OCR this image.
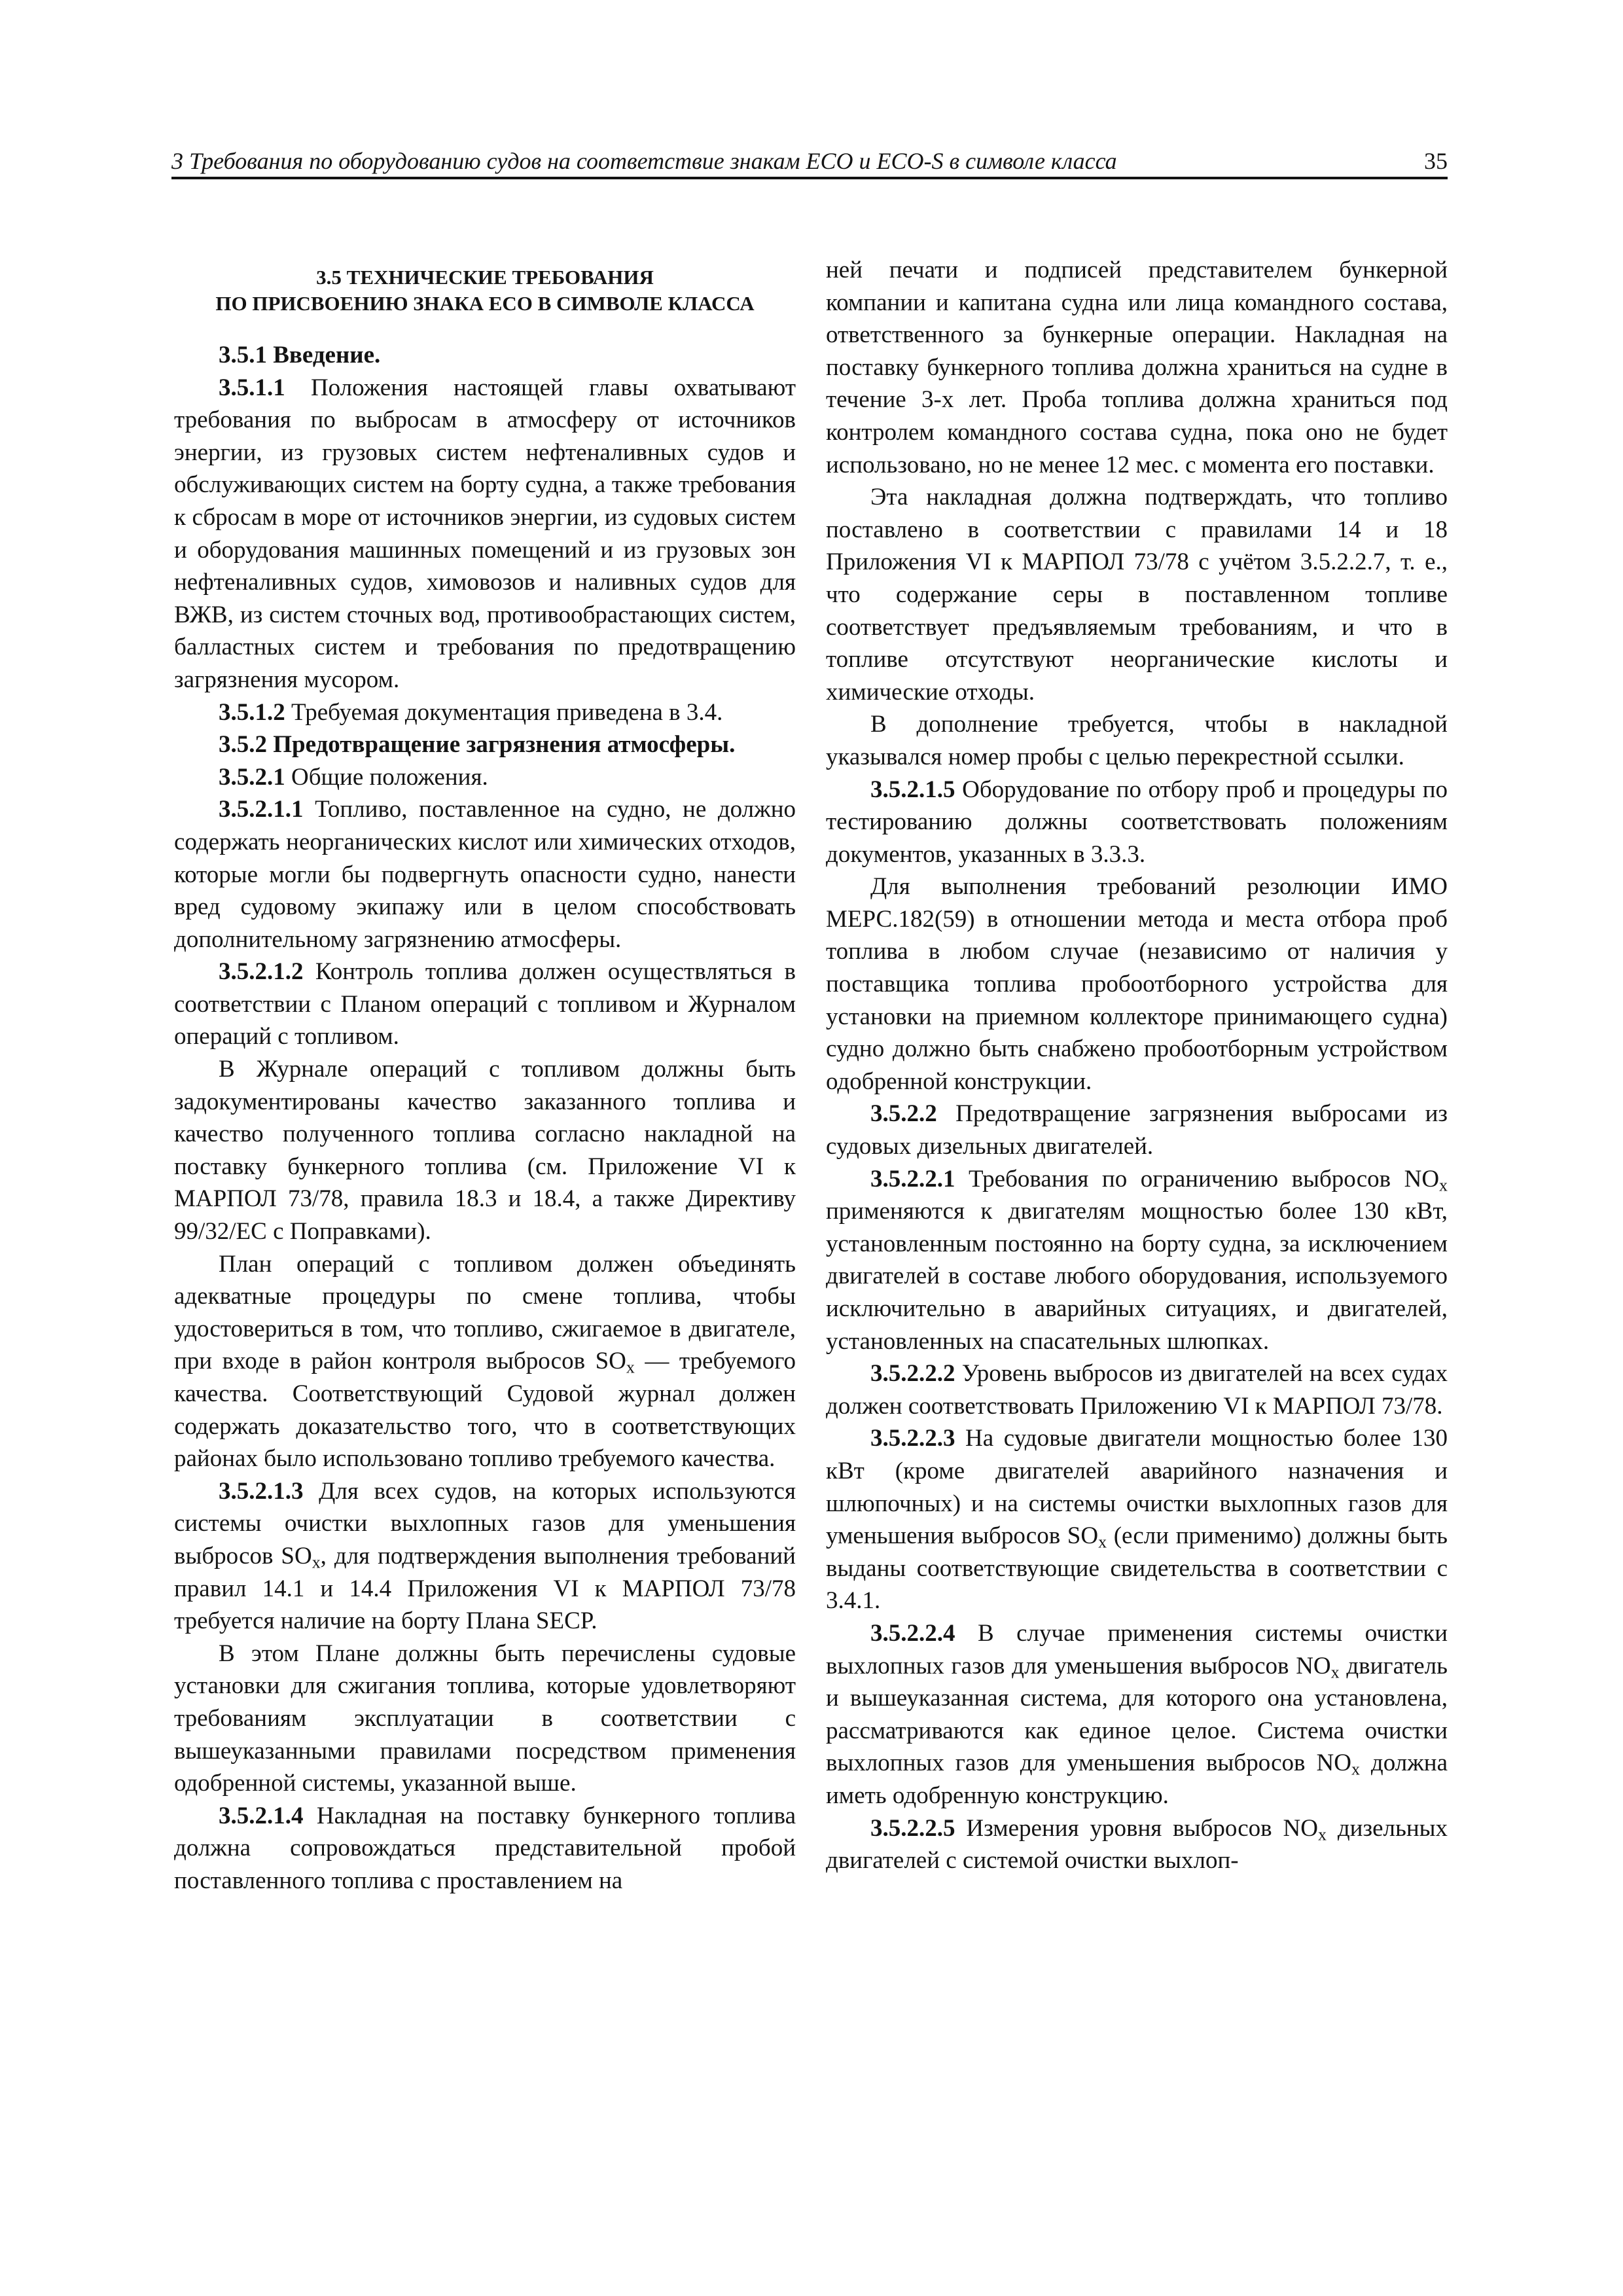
3 Требования по оборудованию судов на соответствие знакам ECO и ECO-S в символе класса	35
3.5 ТЕХНИЧЕСКИЕ ТРЕБОВАНИЯ
ПО ПРИСВОЕНИЮ ЗНАКА ECO В СИМВОЛЕ КЛАССА

3.5.1 Введение.

3.5.1.1 Положения настоящей главы охватывают требования по выбросам в атмосферу от источников энергии, из грузовых систем нефтеналивных судов и обслуживающих систем на борту судна, а также требования к сбросам в море от источников энергии, из судовых систем и оборудования машинных помещений и из грузовых зон нефтеналивных судов, химовозов и наливных судов для ВЖВ, из систем сточных вод, противообрастающих систем, балластных систем и требования по предотвращению загрязнения мусором.

3.5.1.2 Требуемая документация приведена в 3.4.

3.5.2 Предотвращение загрязнения атмосферы.

3.5.2.1 Общие положения.

3.5.2.1.1 Топливо, поставленное на судно, не должно содержать неорганических кислот или химических отходов, которые могли бы подвергнуть опасности судно, нанести вред судовому экипажу или в целом способствовать дополнительному загрязнению атмосферы.

3.5.2.1.2 Контроль топлива должен осуществляться в соответствии с Планом операций с топливом и Журналом операций с топливом.

В Журнале операций с топливом должны быть задокументированы качество заказанного топлива и качество полученного топлива согласно накладной на поставку бункерного топлива (см. Приложение VI к МАРПОЛ 73/78, правила 18.3 и 18.4, а также Директиву 99/32/ЕС с Поправками).

План операций с топливом должен объединять адекватные процедуры по смене топлива, чтобы удостовериться в том, что топливо, сжигаемое в двигателе, при входе в район контроля выбросов $SO_x$ — требуемого качества. Соответствующий Судовой журнал должен содержать доказательство того, что в соответствующих районах было использовано топливо требуемого качества.

3.5.2.1.3 Для всех судов, на которых используются системы очистки выхлопных газов для уменьшения выбросов $SO_x$, для подтверждения выполнения требований правил 14.1 и 14.4 Приложения VI к МАРПОЛ 73/78 требуется наличие на борту Плана SECP.

В этом Плане должны быть перечислены судовые установки для сжигания топлива, которые удовлетворяют требованиям эксплуатации в соответствии с вышеуказанными правилами посредством применения одобренной системы, указанной выше.

3.5.2.1.4 Накладная на поставку бункерного топлива должна сопровождаться представительной пробой поставленного топлива с проставлением на

ней печати и подписей представителем бункерной компании и капитана судна или лица командного состава, ответственного за бункерные операции. Накладная на поставку бункерного топлива должна храниться на судне в течение 3-х лет. Проба топлива должна храниться под контролем командного состава судна, пока оно не будет использовано, но не менее 12 мес. с момента его поставки.

Эта накладная должна подтверждать, что топливо поставлено в соответствии с правилами 14 и 18 Приложения VI к МАРПОЛ 73/78 с учётом 3.5.2.2.7, т. е., что содержание серы в поставленном топливе соответствует предъявляемым требованиям, и что в топливе отсутствуют неорганические кислоты и химические отходы.

В дополнение требуется, чтобы в накладной указывался номер пробы с целью перекрестной ссылки.

3.5.2.1.5 Оборудование по отбору проб и процедуры по тестированию должны соответствовать положениям документов, указанных в 3.3.3.

Для выполнения требований резолюции ИМО МЕРС.182(59) в отношении метода и места отбора проб топлива в любом случае (независимо от наличия у поставщика топлива пробоотборного устройства для установки на приемном коллекторе принимающего судна) судно должно быть снабжено пробоотборным устройством одобренной конструкции.

3.5.2.2 Предотвращение загрязнения выбросами из судовых дизельных двигателей.

3.5.2.2.1 Требования по ограничению выбросов $NO_x$ применяются к двигателям мощностью более 130 кВт, установленным постоянно на борту судна, за исключением двигателей в составе любого оборудования, используемого исключительно в аварийных ситуациях, и двигателей, установленных на спасательных шлюпках.

3.5.2.2.2 Уровень выбросов из двигателей на всех судах должен соответствовать Приложению VI к МАРПОЛ 73/78.

3.5.2.2.3 На судовые двигатели мощностью более 130 кВт (кроме двигателей аварийного назначения и шлюпочных) и на системы очистки выхлопных газов для уменьшения выбросов $SO_x$ (если применимо) должны быть выданы соответствующие свидетельства в соответствии с 3.4.1.

3.5.2.2.4 В случае применения системы очистки выхлопных газов для уменьшения выбросов $NO_x$ двигатель и вышеуказанная система, для которого она установлена, рассматриваются как единое целое. Система очистки выхлопных газов для уменьшения выбросов $NO_x$ должна иметь одобренную конструкцию.

3.5.2.2.5 Измерения уровня выбросов $NO_x$ дизельных двигателей с системой очистки выхлоп-
